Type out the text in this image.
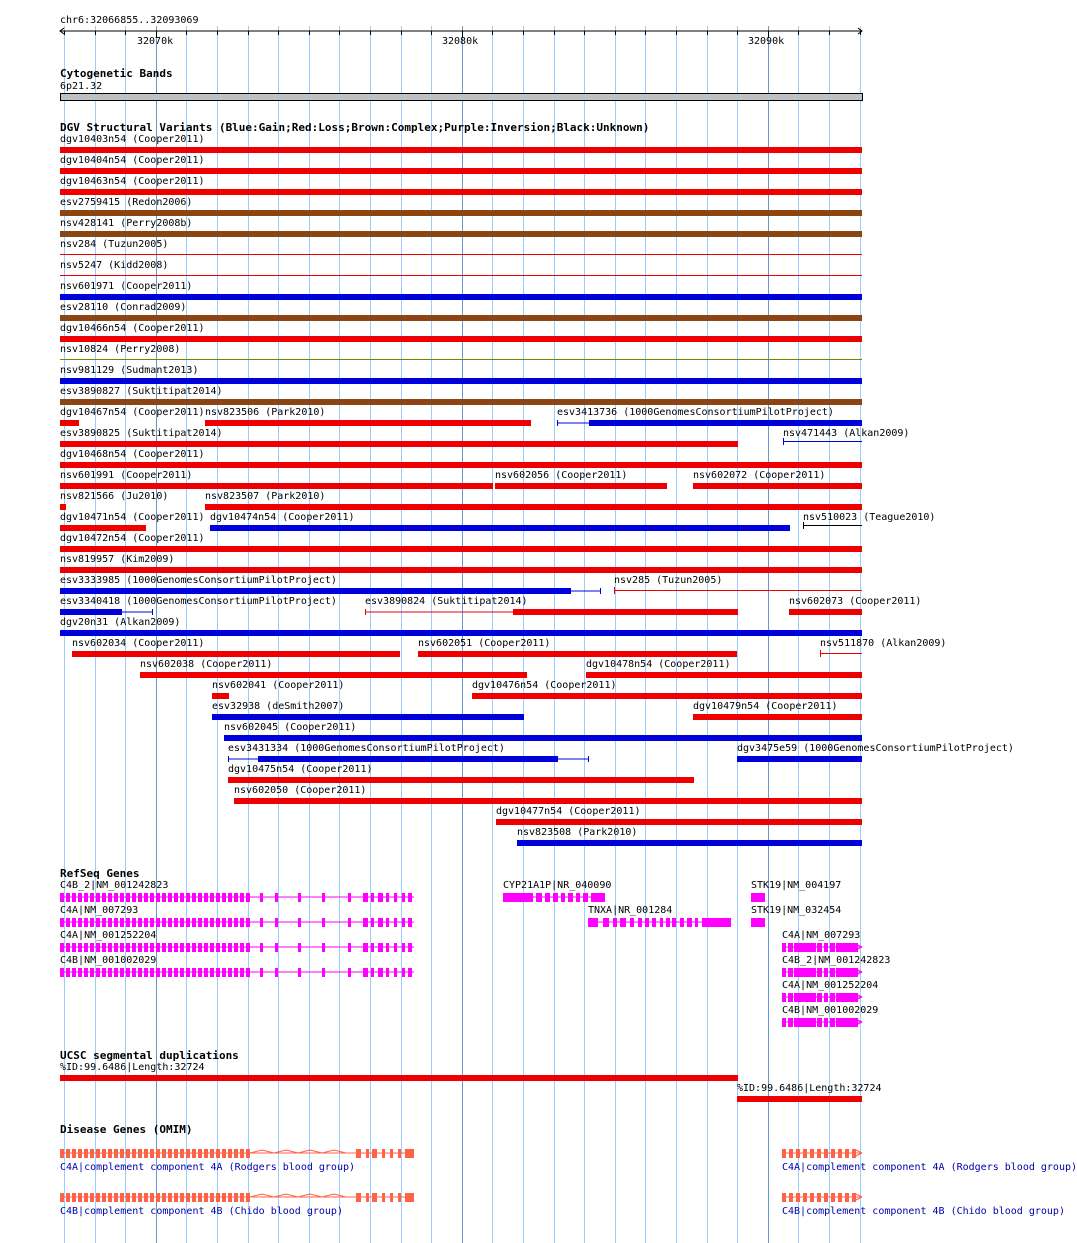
chr6:32066855..32093069
32070k	32080k	32090k
Cytogenetic Bands
6p21.32
DGV Structural Variants (Blue:Gain;Red:Loss;Brown:Complex;Purple:Inversion;Black:Unknown)
RefSeq Genes
UCSC segmental duplications
Disease Genes (OMIM)
dgv10403n54 (Cooper2011)
dgv10404n54 (Cooper2011)
dgv10463n54 (Cooper2011)
esv2759415 (Redon2006)
nsv428141 (Perry2008b)
nsv284 (Tuzun2005)
nsv5247 (Kidd2008)
nsv601971 (Cooper2011)
esv28110 (Conrad2009)
dgv10466n54 (Cooper2011)
nsv10824 (Perry2008)
nsv981129 (Sudmant2013)
esv3890827 (Suktitipat2014)
dgv10467n54 (Cooper2011) nsv823506 (Park2010)	esv3413736 (1000GenomesConsortiumPilotProject)
esv3890825 (Suktitipat2014)	nsv471443 (Alkan2009)
dgv10468n54 (Cooper2011)
nsv601991 (Cooper2011)	nsv602056 (Cooper2011)	nsv602072 (Cooper2011)
nsv821566 (Ju2010)	nsv823507 (Park2010)
dgv10471n54 (Cooper2011) dgv10474n54 (Cooper2011)	nsv510023 (Teague2010)
dgv10472n54 (Cooper2011)
nsv819957 (Kim2009)
esv3333985 (1000GenomesConsortiumPilotProject)	nsv285 (Tuzun2005)
esv3340418 (1000GenomesConsortiumPilotProject)	esv3890824 (Suktitipat2014)	nsv602073 (Cooper2011)
dgv20n31 (Alkan2009)
nsv602034 (Cooper2011)	nsv602051 (Cooper2011)	nsv511870 (Alkan2009)
nsv602038 (Cooper2011)	dgv10478n54 (Cooper2011)
nsv602041 (Cooper2011)	dgv10476n54 (Cooper2011)
esv32938 (deSmith2007)	dgv10479n54 (Cooper2011)
nsv602045 (Cooper2011)
esv3431334 (1000GenomesConsortiumPilotProject)	dgv3475e59 (1000GenomesConsortiumPilotProject)
dgv10475n54 (Cooper2011)
nsv602050 (Cooper2011)
dgv10477n54 (Cooper2011)
nsv823508 (Park2010)
C4B_2|NM_001242823
C4A|NM_007293
C4A|NM_001252204
C4B|NM_001002029
CYP21A1P|NR_040090
TNXA|NR_001284
STK19|NM_004197
STK19|NM_032454
C4A|NM_007293
C4B_2|NM_001242823
C4A|NM_001252204
C4B|NM_001002029
%ID:99.6486|Length:32724
%ID:99.6486|Length:32724
C4A|complement component 4A (Rodgers blood group)
C4B|complement component 4B (Chido blood group)
C4A|complement component 4A (Rodgers blood group)
C4B|complement component 4B (Chido blood group)
